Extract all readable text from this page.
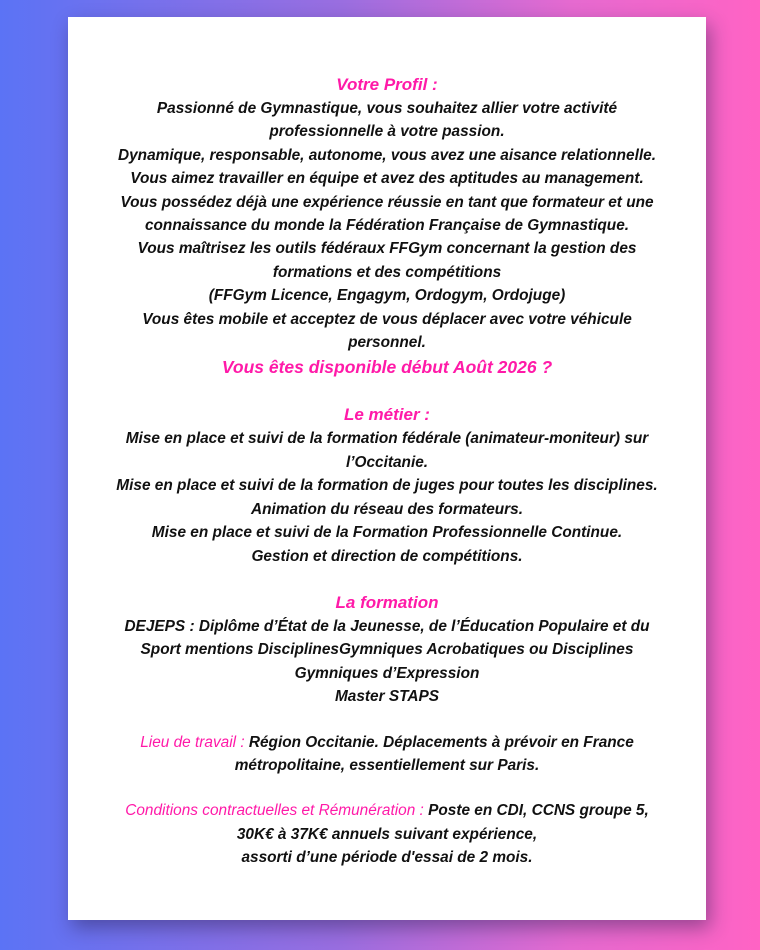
Votre Profil :
Passionné de Gymnastique, vous souhaitez allier votre activité
professionnelle à votre passion.
Dynamique, responsable, autonome, vous avez une aisance relationnelle.
Vous aimez travailler en équipe et avez des aptitudes au management.
Vous possédez déjà une expérience réussie en tant que formateur et une
connaissance du monde la Fédération Française de Gymnastique.
Vous maîtrisez les outils fédéraux FFGym concernant la gestion des
formations et des compétitions
(FFGym Licence, Engagym, Ordogym, Ordojuge)
Vous êtes mobile et acceptez de vous déplacer avec votre véhicule
personnel.
Vous êtes disponible début Août 2026 ?
Le métier :
Mise en place et suivi de la formation fédérale (animateur-moniteur) sur
l’Occitanie.
Mise en place et suivi de la formation de juges pour toutes les disciplines.
Animation du réseau des formateurs.
Mise en place et suivi de la Formation Professionnelle Continue.
Gestion et direction de compétitions.
La formation
DEJEPS : Diplôme d’État de la Jeunesse, de l’Éducation Populaire et du
Sport mentions DisciplinesGymniques Acrobatiques ou Disciplines
Gymniques d’Expression
Master STAPS
Lieu de travail : Région Occitanie. Déplacements à prévoir en France
métropolitaine, essentiellement sur Paris.
Conditions contractuelles et Rémunération : Poste en CDI, CCNS groupe 5,
30K€ à 37K€ annuels suivant expérience,
assorti d’une période d'essai de 2 mois.
